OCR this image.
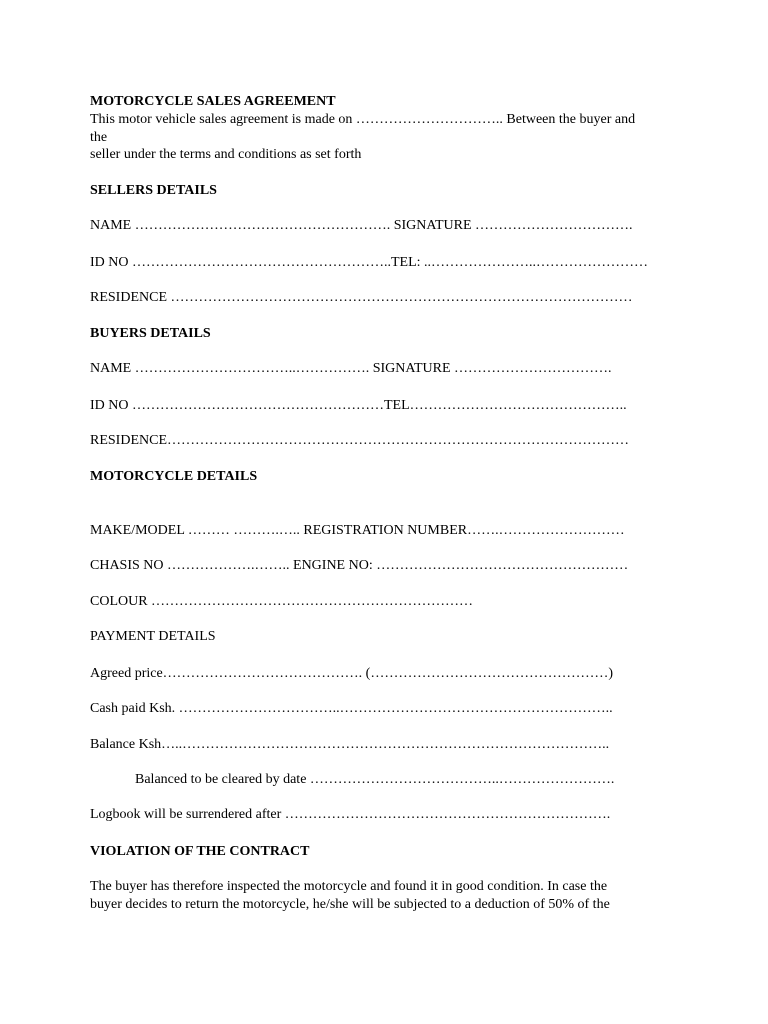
MOTORCYCLE SALES AGREEMENT
This motor vehicle sales agreement is made on ………………………….. Between the buyer and
the
seller under the terms and conditions as set forth
SELLERS DETAILS
NAME ………………………………………………. SIGNATURE …………………………….
ID NO ………………………………………………..TEL: ..…………………..……………………
RESIDENCE ………………………………………………………………………………………
BUYERS DETAILS
NAME ……………………………..……………. SIGNATURE …………………………….
ID NO ………………………………………………TEL………………………………………..
RESIDENCE………………………………………………………………………………………
MOTORCYCLE DETAILS
MAKE/MODEL ……… ……….….. REGISTRATION NUMBER…….………………………
CHASIS NO ……………….…….. ENGINE NO: ………………………………………………
COLOUR ……………………………………………………………
PAYMENT DETAILS
Agreed price……………………………………. (……………………………………………)
Cash paid Ksh. ……………………………..…………………………………………………..
Balance Ksh…..………………………………………………………………………………..
Balanced to be cleared by date …………………………………..…………………….
Logbook will be surrendered after …………………………………………………………….
VIOLATION OF THE CONTRACT
The buyer has therefore inspected the motorcycle and found it in good condition. In case the
buyer decides to return the motorcycle, he/she will be subjected to a deduction of 50% of the
